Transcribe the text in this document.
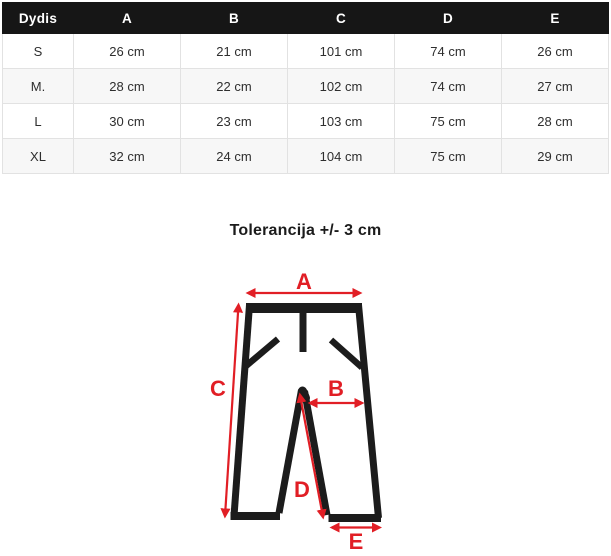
Dydis	A	B	C	D	E
S	26 cm	21 cm	101 cm	74 cm	26 cm
M.	28 cm	22 cm	102 cm	74 cm	27 cm
L	30 cm	23 cm	103 cm	75 cm	28 cm
XL	32 cm	24 cm	104 cm	75 cm	29 cm
Tolerancija +/- 3 cm
A
C	B
D
E
